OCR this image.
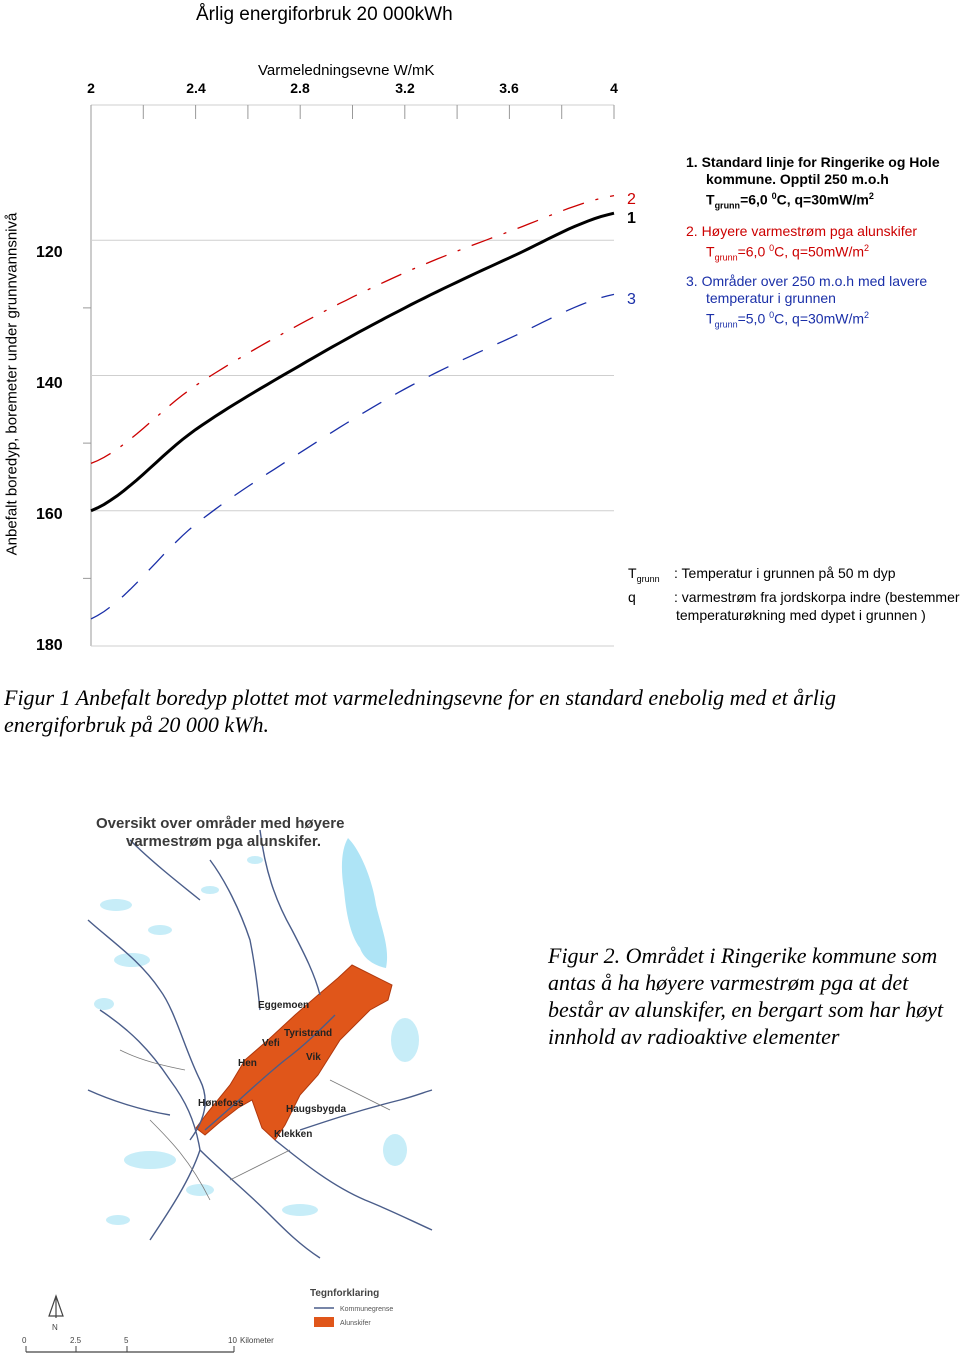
Årlig energiforbruk 20 000kWh
Varmeledningsevne W/mK
2	2.4	2.8	3.2	3.6	4
120
140
160
180
Anbefalt boredyp, boremeter under grunnvannsnivå
Oversikt over områder med høyere
varmestrøm pga alunskifer.
Eggemoen
Tyristrand
Vik
Hønefoss
Hen
Haugsbygda
Klekken
Vefi
N
0	2.5	5	10 Kilometer
Tegnforklaring
Kommunegrense
Alunskifer
2
1
3
1. Standard linje for Ringerike og Hole
kommune. Opptil 250 m.o.h
$T_{grunn}=6,0$ $^0$C, $q=30mW/m^2$
2. Høyere varmestrøm pga alunskifer
$T_{grunn}=6,0$ $^0$C, $q=50mW/m^2$
3. Områder over 250 m.o.h med lavere
temperatur i grunnen
$T_{grunn}=5,0$ $^0$C, $q=30mW/m^2$
$T_{grunn}$ : Temperatur i grunnen på 50 m dyp
q	: varmestrøm fra jordskorpa indre (bestemmer
temperaturøkning med dypet i grunnen )
Figur 1 Anbefalt boredyp plottet mot varmeledningsevne for en standard enebolig med et årlig energiforbruk på 20 000 kWh.
Figur 2. Området i Ringerike kommune som antas å ha høyere varmestrøm pga at det består av alunskifer, en bergart som har høyt innhold av radioaktive elementer
